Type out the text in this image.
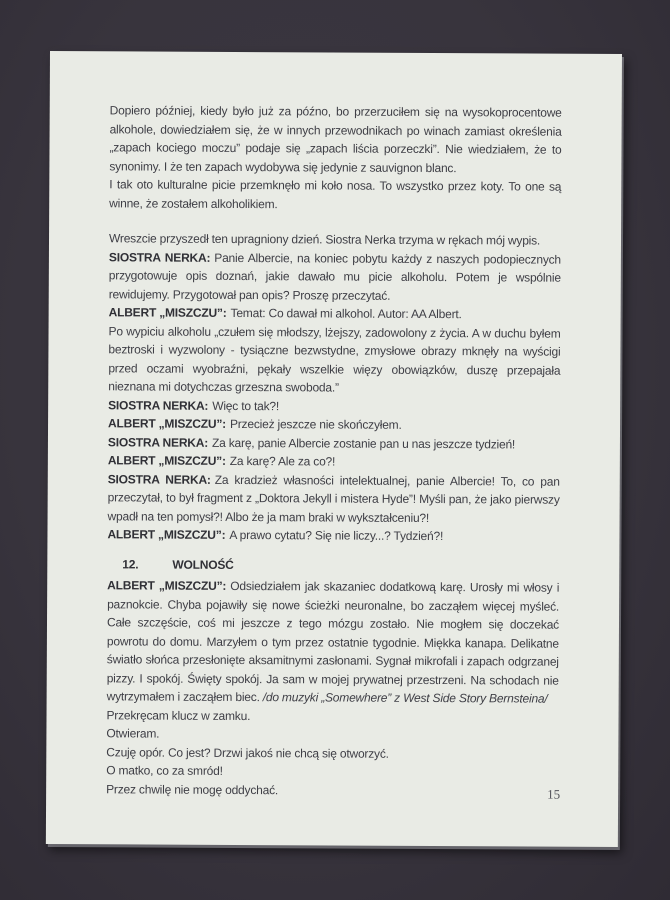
Dopiero później, kiedy było już za późno, bo przerzuciłem się na wysokoprocentowe alkohole, dowiedziałem się, że w innych przewodnikach po winach zamiast określenia „zapach kociego moczu” podaje się „zapach liścia porzeczki”. Nie wiedziałem, że to synonimy. I że ten zapach wydobywa się jedynie z sauvignon blanc.

I tak oto kulturalne picie przemknęło mi koło nosa. To wszystko przez koty. To one są winne, że zostałem alkoholikiem.

Wreszcie przyszedł ten upragniony dzień. Siostra Nerka trzyma w rękach mój wypis.

SIOSTRA NERKA: Panie Albercie, na koniec pobytu każdy z naszych podopiecznych przygotowuje opis doznań, jakie dawało mu picie alkoholu. Potem je wspólnie rewidujemy. Przygotował pan opis? Proszę przeczytać.

ALBERT „MISZCZU”: Temat: Co dawał mi alkohol. Autor: AA Albert.

Po wypiciu alkoholu „czułem się młodszy, lżejszy, zadowolony z życia. A w duchu byłem beztroski i wyzwolony - tysiączne bezwstydne, zmysłowe obrazy mknęły na wyścigi przed oczami wyobraźni, pękały wszelkie więzy obowiązków, duszę przepajała nieznana mi dotychczas grzeszna swoboda.”

SIOSTRA NERKA: Więc to tak?!

ALBERT „MISZCZU”: Przecież jeszcze nie skończyłem.

SIOSTRA NERKA: Za karę, panie Albercie zostanie pan u nas jeszcze tydzień!

ALBERT „MISZCZU”: Za karę? Ale za co?!

SIOSTRA NERKA: Za kradzież własności intelektualnej, panie Albercie! To, co pan przeczytał, to był fragment z „Doktora Jekyll i mistera Hyde”! Myśli pan, że jako pierwszy wpadł na ten pomysł?! Albo że ja mam braki w wykształceniu?!

ALBERT „MISZCZU”: A prawo cytatu? Się nie liczy...? Tydzień?!

12.	WOLNOŚĆ

ALBERT „MISZCZU”: Odsiedziałem jak skazaniec dodatkową karę. Urosły mi włosy i paznokcie. Chyba pojawiły się nowe ścieżki neuronalne, bo zacząłem więcej myśleć. Całe szczęście, coś mi jeszcze z tego mózgu zostało. Nie mogłem się doczekać powrotu do domu. Marzyłem o tym przez ostatnie tygodnie. Miękka kanapa. Delikatne światło słońca przesłonięte aksamitnymi zasłonami. Sygnał mikrofali i zapach odgrzanej pizzy. I spokój. Święty spokój. Ja sam w mojej prywatnej przestrzeni. Na schodach nie wytrzymałem i zacząłem biec. /do muzyki „Somewhere” z West Side Story Bernsteina/

Przekręcam klucz w zamku.

Otwieram.

Czuję opór. Co jest? Drzwi jakoś nie chcą się otworzyć.

O matko, co za smród!

Przez chwilę nie mogę oddychać.	15
